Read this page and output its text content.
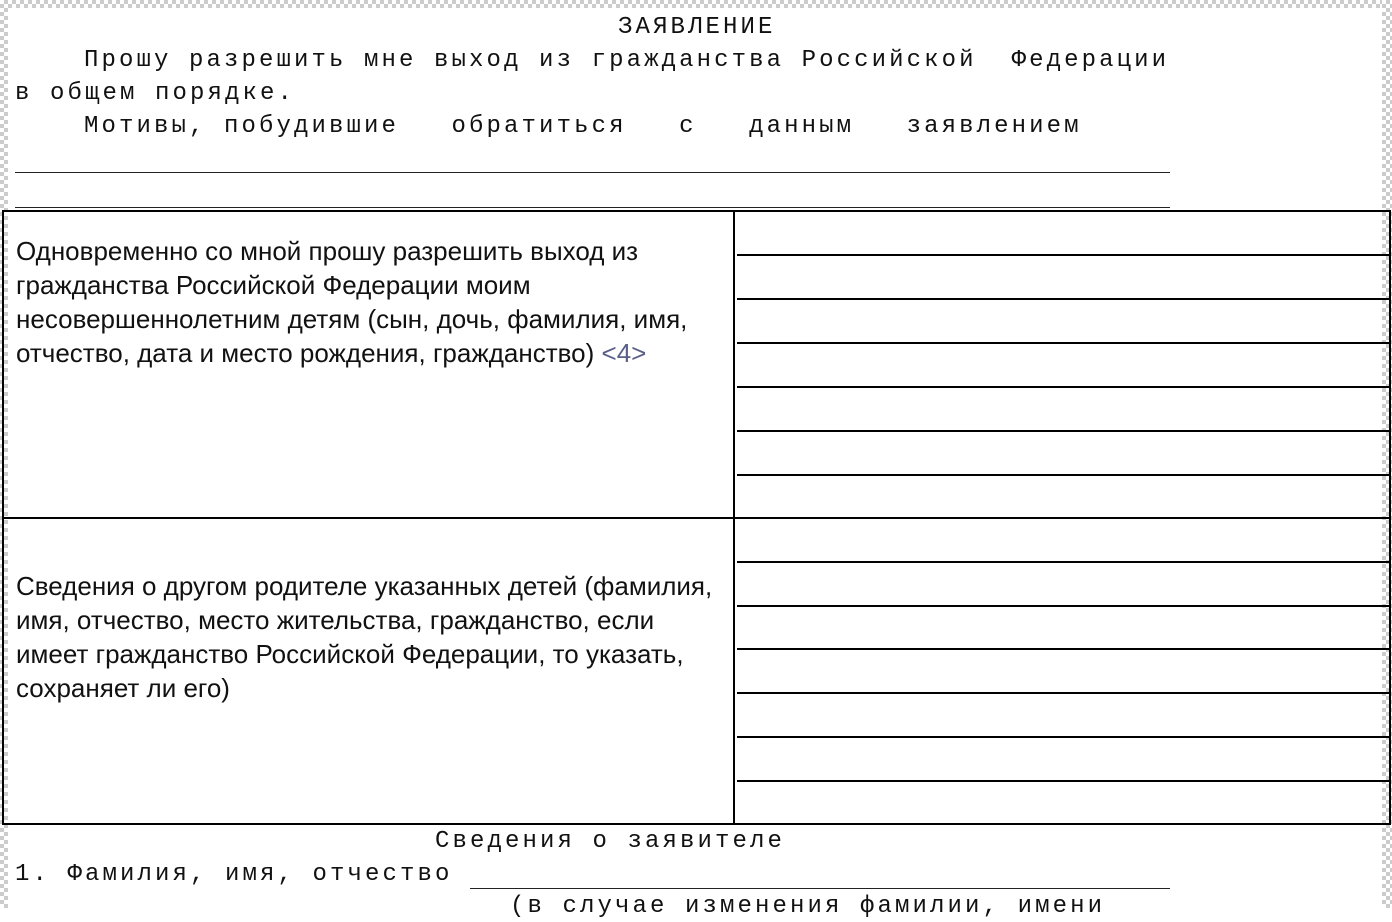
ЗАЯВЛЕНИЕ
Прошу разрешить мне выход из гражданства Российской  Федерации
в общем порядке.
Мотивы, побудившие   обратиться   с   данным   заявлением
Одновременно со мной прошу разрешить выход из гражданства Российской Федерации моим несовершеннолетним детям (сын, дочь, фамилия, имя, отчество, дата и место рождения, гражданство) <4>
Сведения о другом родителе указанных детей (фамилия, имя, отчество, место жительства, гражданство, если имеет гражданство Российской Федерации, то указать, сохраняет ли его)
Сведения о заявителе
1. Фамилия, имя, отчество
(в случае изменения фамилии, имени
